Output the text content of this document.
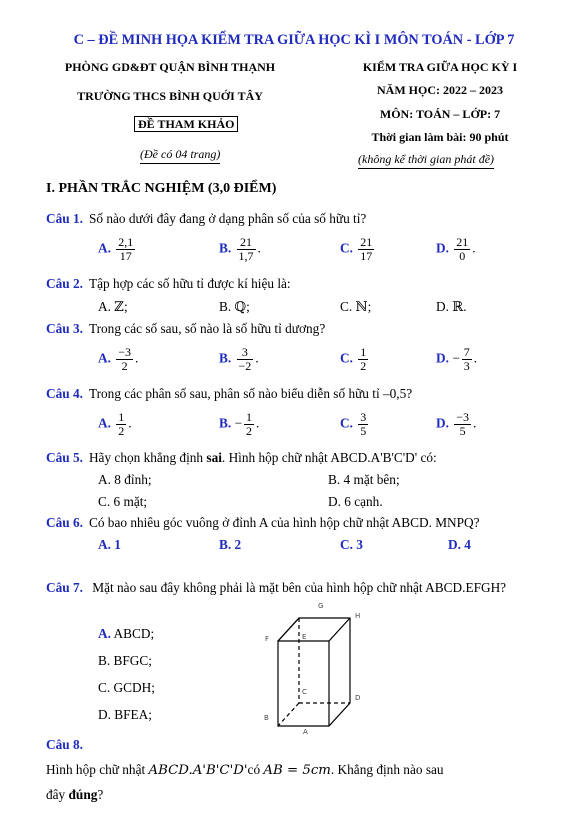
C – ĐỀ MINH HỌA KIỂM TRA GIỮA HỌC KÌ I MÔN TOÁN - LỚP 7
PHÒNG GD&ĐT QUẬN BÌNH THẠNH
TRƯỜNG THCS BÌNH QUỚI TÂY
ĐỀ THAM KHẢO
(Đề có 04 trang)
KIỂM TRA GIỮA HỌC KỲ I
NĂM HỌC: 2022 – 2023
MÔN: TOÁN – LỚP: 7
Thời gian làm bài: 90 phút
(không kể thời gian phát đề)
I. PHẦN TRẮC NGHIỆM (3,0 ĐIỂM)
Câu 1. Số nào dưới đây đang ở dạng phân số của số hữu tỉ?
A. $\frac{2,1}{17}$	B. $\frac{21}{1,7}$ .	C. $\frac{21}{17}$	D. $\frac{21}{0}$ .
Câu 2. Tập hợp các số hữu tỉ được kí hiệu là:
A. ℤ;	B. ℚ;	C. ℕ;	D. ℝ.
Câu 3. Trong các số sau, số nào là số hữu tỉ dương?
A. $\frac{-3}{2}$ .	B. $\frac{3}{-2}$ .	C. $\frac{1}{2}$	D. − $\frac{7}{3}$ .
Câu 4. Trong các phân số sau, phân số nào biểu diễn số hữu tỉ –0,5?
A. $\frac{1}{2}$ .	B. − $\frac{1}{2}$ .	C. $\frac{3}{5}$	D. $\frac{-3}{5}$ .
Câu 5. Hãy chọn khẳng định sai. Hình hộp chữ nhật ABCD.A'B'C'D' có:
A. 8 đỉnh;	B. 4 mặt bên;
C. 6 mặt;	D. 6 cạnh.
Câu 6. Có bao nhiêu góc vuông ở đỉnh A của hình hộp chữ nhật ABCD. MNPQ?
A. 1	B. 2	C. 3	D. 4
Câu 7. Mặt nào sau đây không phải là mặt bên của hình hộp chữ nhật ABCD.EFGH?
A. ABCD;
B. BFGC;
C. GCDH;
D. BFEA;
G
H
F	E
C
D
B
A
Câu 8.
Hình hộp chữ nhật ABCD.A'B'C'D'có AB = 5cm. Khẳng định nào sau
đây đúng?
